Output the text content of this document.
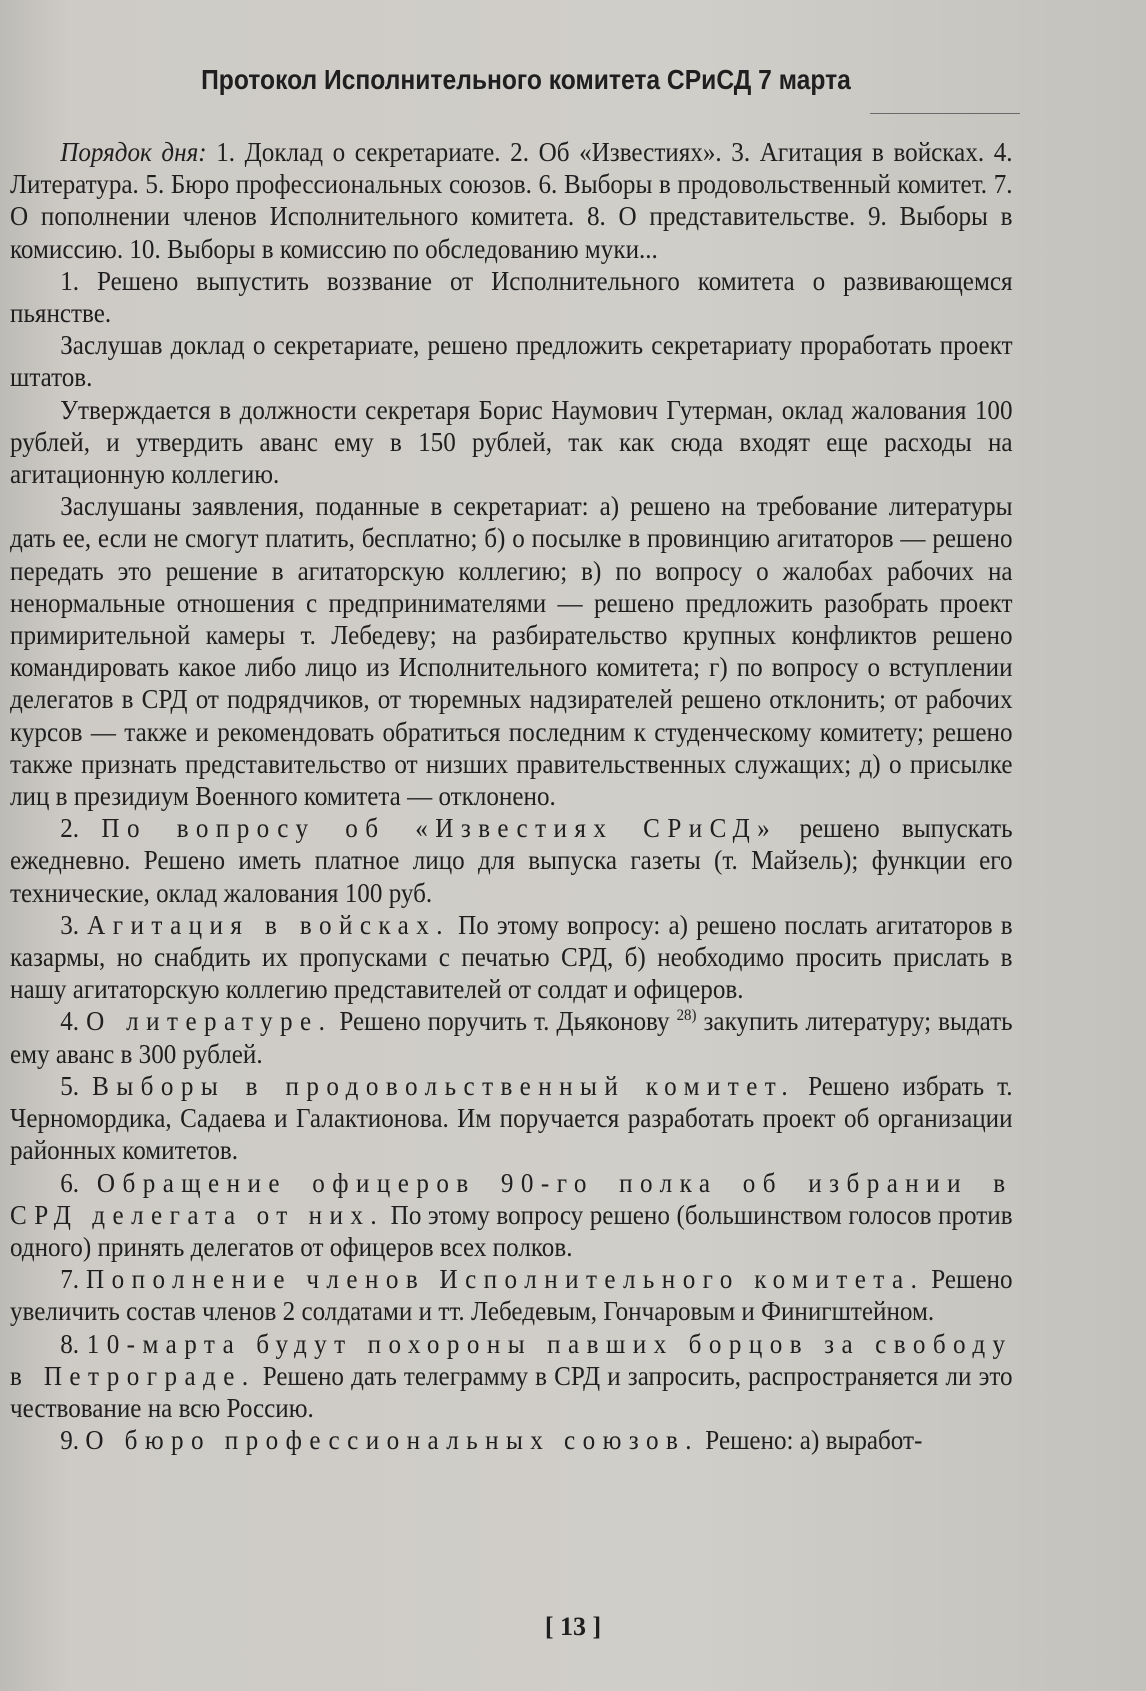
Протокол Исполнительного комитета СРиСД 7 марта

Порядок дня: 1. Доклад о секретариате. 2. Об «Известиях». 3. Агитация в войсках. 4. Литература. 5. Бюро профессиональных союзов. 6. Выборы в продовольственный комитет. 7. О пополнении членов Исполнительного комитета. 8. О представительстве. 9. Выборы в комиссию. 10. Выборы в комиссию по обследованию муки...

1. Решено выпустить воззвание от Исполнительного комитета о развивающемся пьянстве.

Заслушав доклад о секретариате, решено предложить секретариату проработать проект штатов.

Утверждается в должности секретаря Борис Наумович Гутерман, оклад жалования 100 рублей, и утвердить аванс ему в 150 рублей, так как сюда входят еще расходы на агитационную коллегию.

Заслушаны заявления, поданные в секретариат: а) решено на требование литературы дать ее, если не смогут платить, бесплатно; б) о посылке в провинцию агитаторов — решено передать это решение в агитаторскую коллегию; в) по вопросу о жалобах рабочих на ненормальные отношения с предпринимателями — решено предложить разобрать проект примирительной камеры т. Лебедеву; на разбирательство крупных конфликтов решено командировать какое либо лицо из Исполнительного комитета; г) по вопросу о вступлении делегатов в СРД от подрядчиков, от тюремных надзирателей решено отклонить; от рабочих курсов — также и рекомендовать обратиться последним к студенческому комитету; решено также признать представительство от низших правительственных служащих; д) о присылке лиц в президиум Военного комитета — отклонено.

2. По вопросу об «Известиях СРиСД» решено выпускать ежедневно. Решено иметь платное лицо для выпуска газеты (т. Майзель); функции его технические, оклад жалования 100 руб.

3. Агитация в войсках. По этому вопросу: а) решено послать агитаторов в казармы, но снабдить их пропусками с печатью СРД, б) необходимо просить прислать в нашу агитаторскую коллегию представителей от солдат и офицеров.

4. О литературе. Решено поручить т. Дьяконову $^{28)}$ закупить литературу; выдать ему аванс в 300 рублей.

5. Выборы в продовольственный комитет. Решено избрать т. Черномордика, Садаева и Галактионова. Им поручается разработать проект об организации районных комитетов.

6. Обращение офицеров 90-го полка об избрании в СРД делегата от них. По этому вопросу решено (большинством голосов против одного) принять делегатов от офицеров всех полков.

7. Пополнение членов Исполнительного комитета. Решено увеличить состав членов 2 солдатами и тт. Лебедевым, Гончаровым и Финигштейном.

8. 10-марта будут похороны павших борцов за свободу в Петрограде. Решено дать телеграмму в СРД и запросить, распространяется ли это чествование на всю Россию.

9. О бюро профессиональных союзов. Решено: а) выработ-

[ 13 ]
